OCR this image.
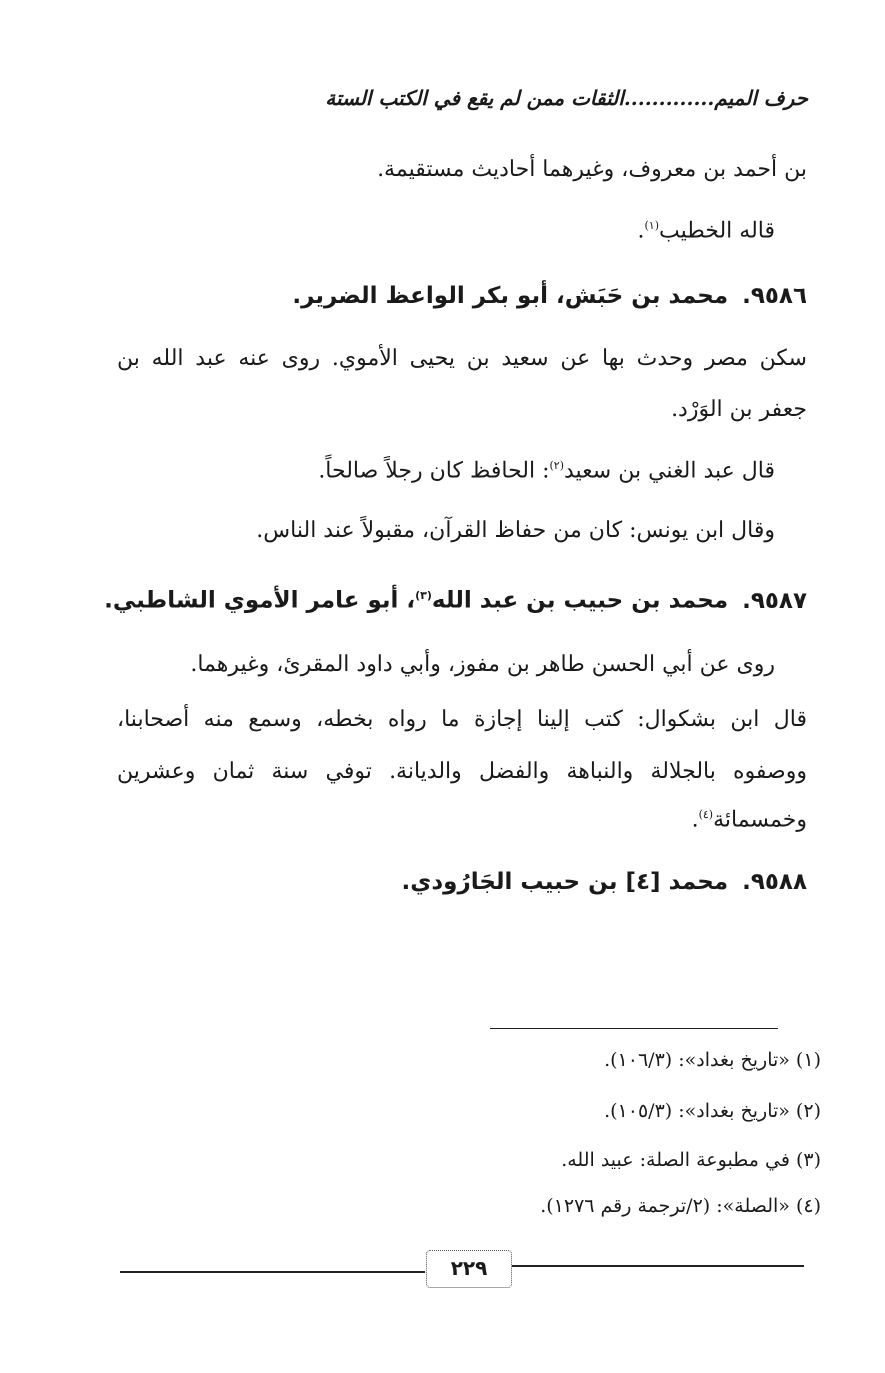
حرف الميم.............الثقات ممن لم يقع في الكتب الستة
بن أحمد بن معروف، وغيرهما أحاديث مستقيمة.
قاله الخطيب$^{(١)}$.
٩٥٨٦.محمد بن حَبَش، أبو بكر الواعظ الضرير.
سكن مصر وحدث بها عن سعيد بن يحيى الأموي. روى عنه عبد الله بن
جعفر بن الوَرْد.
قال عبد الغني بن سعيد$^{(٢)}$: الحافظ كان رجلاً صالحاً.
وقال ابن يونس: كان من حفاظ القرآن، مقبولاً عند الناس.
٩٥٨٧.محمد بن حبيب بن عبد الله$^{(٣)}$، أبو عامر الأموي الشاطبي.
روى عن أبي الحسن طاهر بن مفوز، وأبي داود المقرئ، وغيرهما.
قال ابن بشكوال: كتب إلينا إجازة ما رواه بخطه، وسمع منه أصحابنا،
ووصفوه بالجلالة والنباهة والفضل والديانة. توفي سنة ثمان وعشرين
وخمسمائة$^{(٤)}$.
٩٥٨٨.محمد [٤] بن حبيب الجَارُودي.
(١) «تاريخ بغداد»: (١٠٦/٣).
(٢) «تاريخ بغداد»: (١٠٥/٣).
(٣) في مطبوعة الصلة: عبيد الله.
(٤) «الصلة»: (٢/ترجمة رقم ١٢٧٦).
٢٢٩
